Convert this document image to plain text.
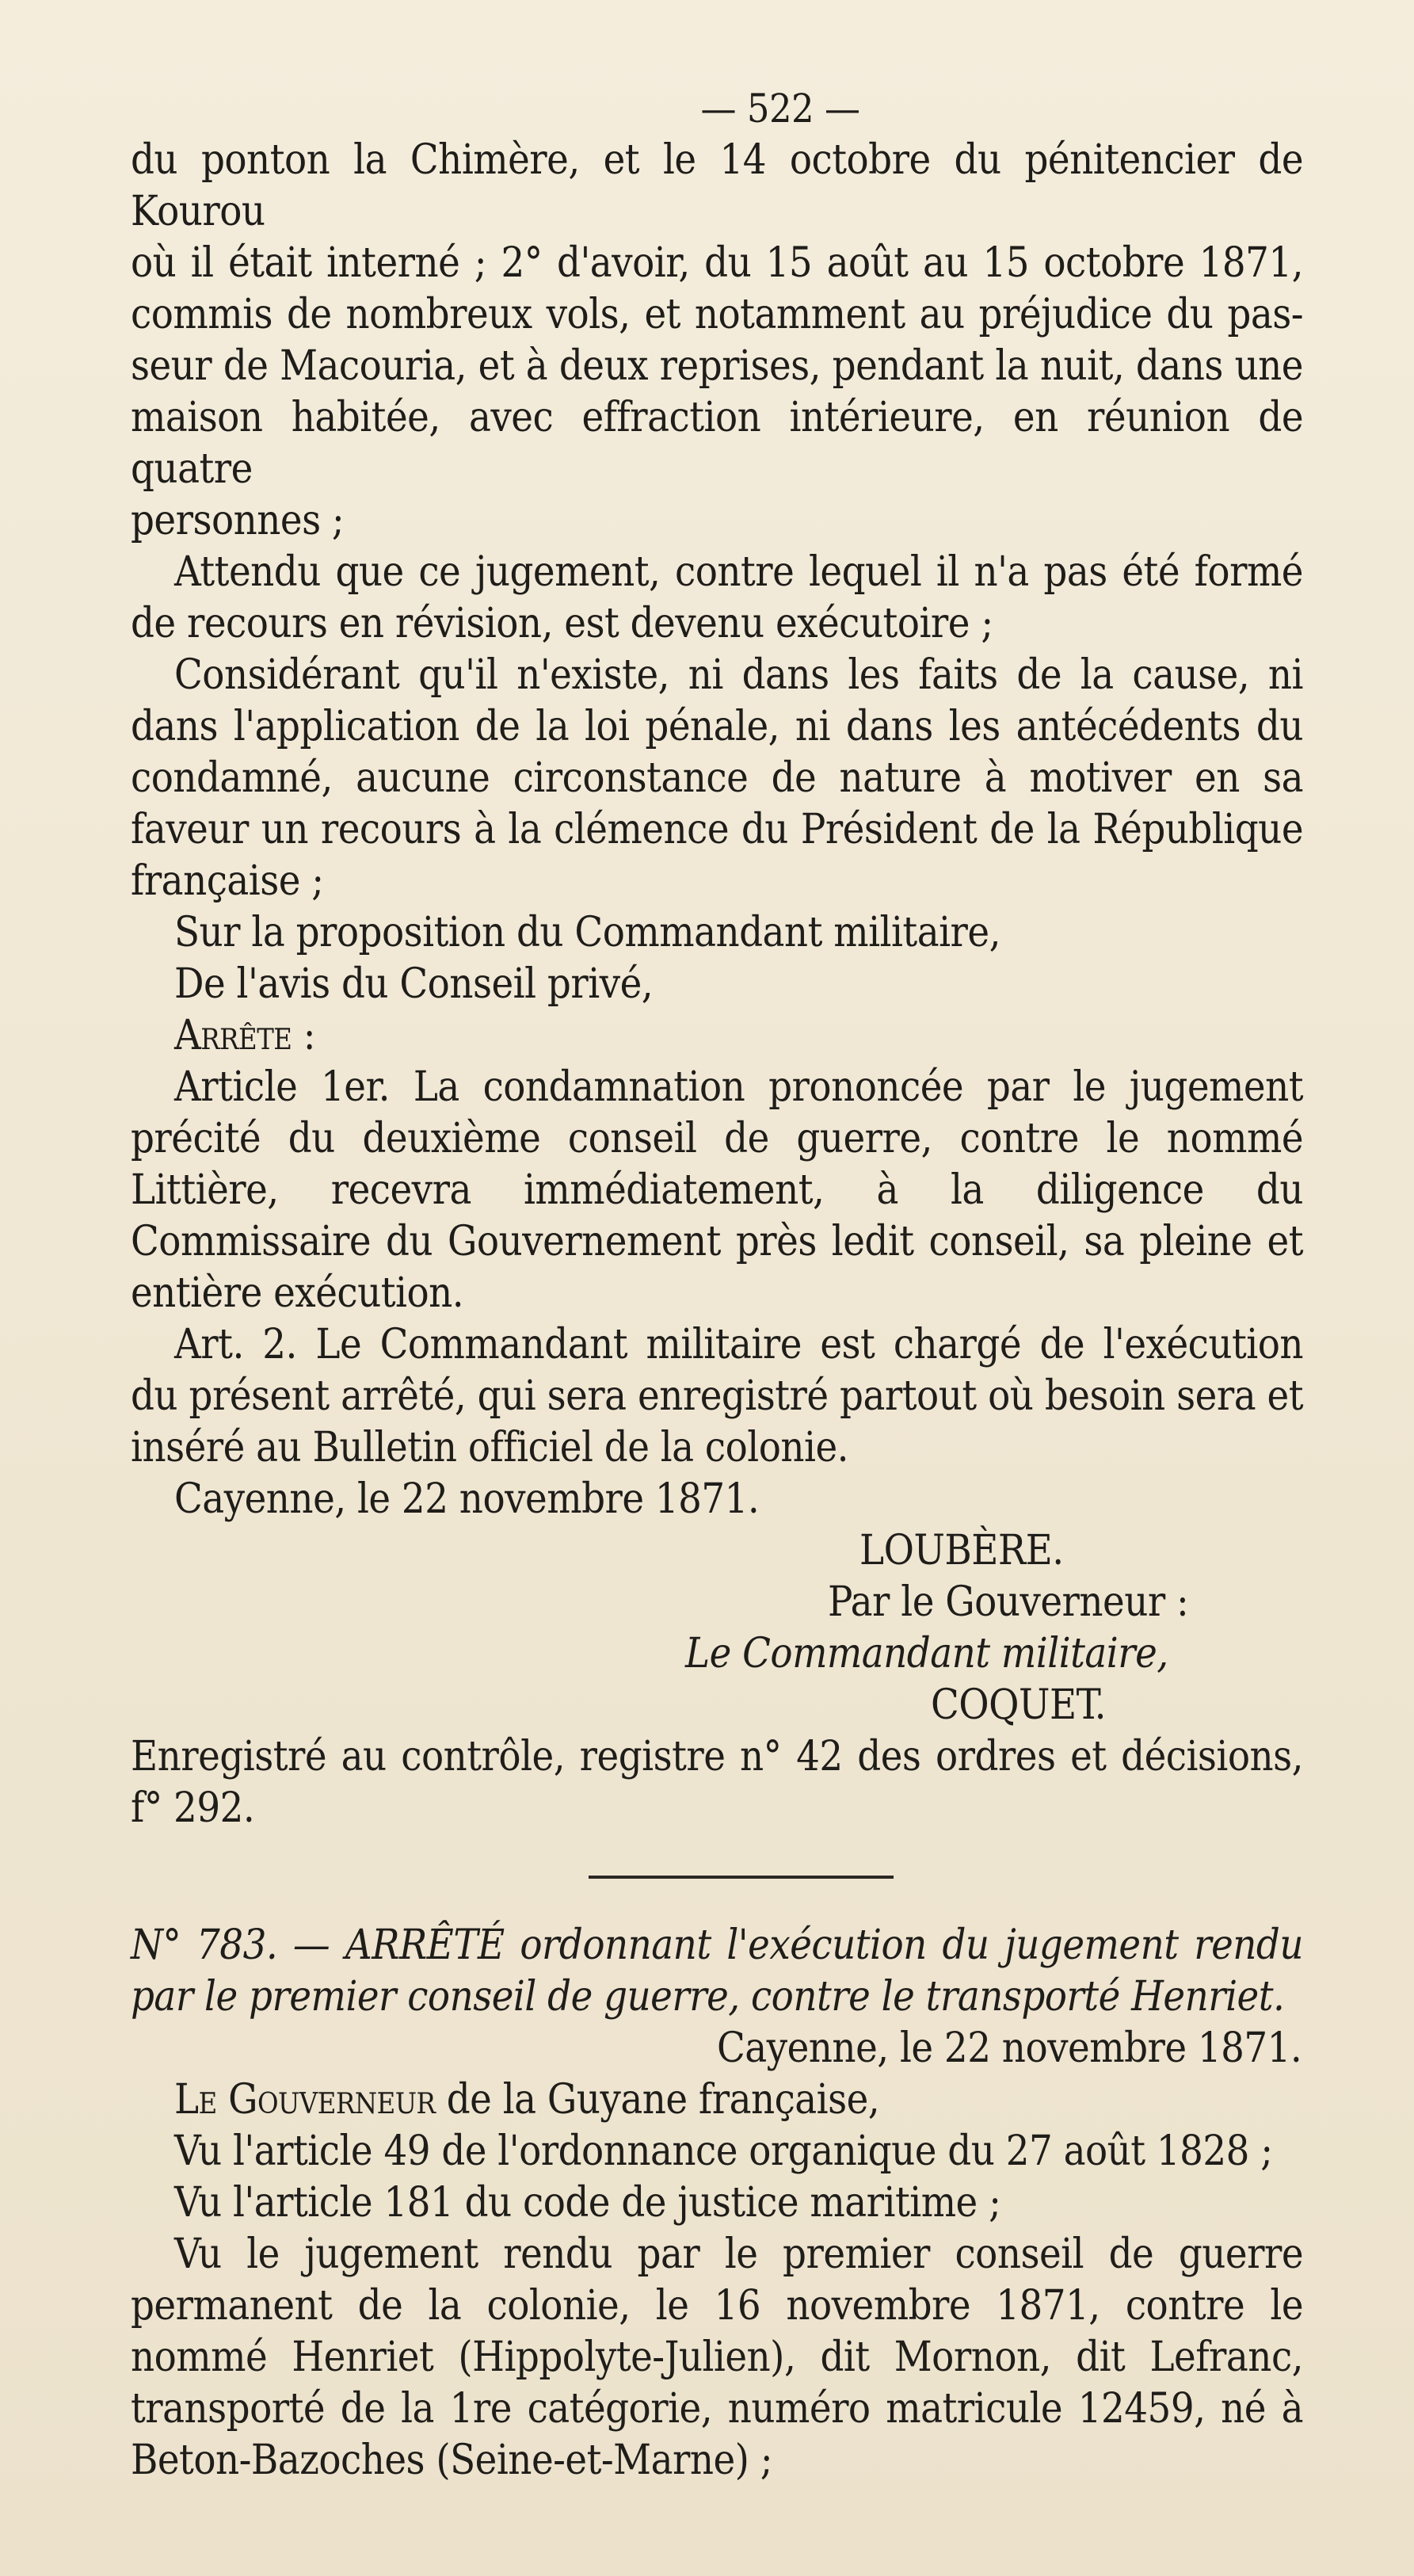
— 522 —
du ponton la Chimère, et le 14 octobre du pénitencier de Kourou
où il était interné ; 2° d'avoir, du 15 août au 15 octobre 1871,
commis de nombreux vols, et notamment au préjudice du pas-
seur de Macouria, et à deux reprises, pendant la nuit, dans une
maison habitée, avec effraction intérieure, en réunion de quatre
personnes ;

Attendu que ce jugement, contre lequel il n'a pas été formé de recours en révision, est devenu exécutoire ;

Considérant qu'il n'existe, ni dans les faits de la cause, ni dans l'application de la loi pénale, ni dans les antécédents du condamné, aucune circonstance de nature à motiver en sa faveur un recours à la clémence du Président de la République française ;

Sur la proposition du Commandant militaire,

De l'avis du Conseil privé,

Arrête :

Article 1er. La condamnation prononcée par le jugement précité du deuxième conseil de guerre, contre le nommé Littière, recevra immédiatement, à la diligence du Commissaire du Gouvernement près ledit conseil, sa pleine et entière exécution.

Art. 2. Le Commandant militaire est chargé de l'exécution du présent arrêté, qui sera enregistré partout où besoin sera et inséré au Bulletin officiel de la colonie.

Cayenne, le 22 novembre 1871.

LOUBÈRE.
Par le Gouverneur :
Le Commandant militaire,
COQUET.

Enregistré au contrôle, registre n° 42 des ordres et décisions, f° 292.

N° 783. — ARRÊTÉ ordonnant l'exécution du jugement rendu par le premier conseil de guerre, contre le transporté Henriet.

Cayenne, le 22 novembre 1871.

Le Gouverneur de la Guyane française,

Vu l'article 49 de l'ordonnance organique du 27 août 1828 ;

Vu l'article 181 du code de justice maritime ;

Vu le jugement rendu par le premier conseil de guerre permanent de la colonie, le 16 novembre 1871, contre le nommé Henriet (Hippolyte-Julien), dit Mornon, dit Lefranc, transporté de la 1re catégorie, numéro matricule 12459, né à Beton-Bazoches (Seine-et-Marne) ;
